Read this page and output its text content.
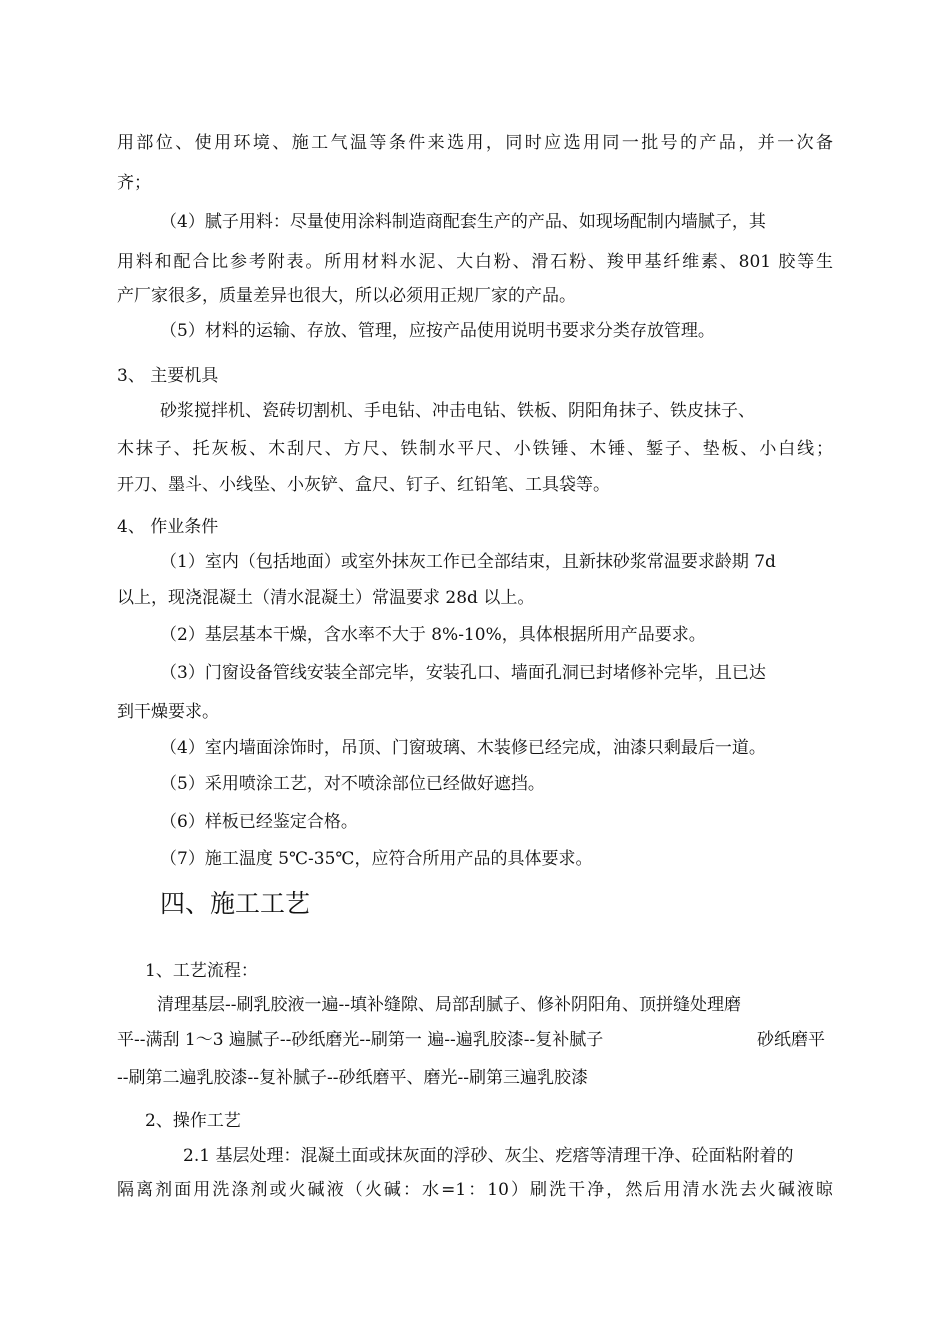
用部位、使用环境、施工气温等条件来选用，同时应选用同一批号的产品，并一次备
齐；
（4）腻子用料：尽量使用涂料制造商配套生产的产品、如现场配制内墙腻子，其
用料和配合比参考附表。所用材料水泥、大白粉、滑石粉、羧甲基纤维素、801 胶等生
产厂家很多，质量差异也很大，所以必须用正规厂家的产品。
（5）材料的运输、存放、管理，应按产品使用说明书要求分类存放管理。
3、 主要机具
砂浆搅拌机、瓷砖切割机、手电钻、冲击电钻、铁板、阴阳角抹子、铁皮抹子、
木抹子、托灰板、木刮尺、方尺、铁制水平尺、小铁锤、木锤、錾子、垫板、小白线；
开刀、墨斗、小线坠、小灰铲、盒尺、钉子、红铅笔、工具袋等。
4、 作业条件
（1）室内（包括地面）或室外抹灰工作已全部结束，且新抹砂浆常温要求龄期 7d
以上，现浇混凝土（清水混凝土）常温要求 28d 以上。
（2）基层基本干燥，含水率不大于 8%-10%，具体根据所用产品要求。
（3）门窗设备管线安装全部完毕，安装孔口、墙面孔洞已封堵修补完毕，且已达
到干燥要求。
（4）室内墙面涂饰时，吊顶、门窗玻璃、木装修已经完成，油漆只剩最后一道。
（5）采用喷涂工艺，对不喷涂部位已经做好遮挡。
（6）样板已经鉴定合格。
（7）施工温度 5℃-35℃，应符合所用产品的具体要求。
四、施工工艺
1、工艺流程：
清理基层--刷乳胶液一遍--填补缝隙、局部刮腻子、修补阴阳角、顶拼缝处理磨
平--满刮 1～3 遍腻子--砂纸磨光--刷第一 遍--遍乳胶漆--复补腻子	砂纸磨平
--刷第二遍乳胶漆--复补腻子--砂纸磨平、磨光--刷第三遍乳胶漆
2、操作工艺
2.1 基层处理：混凝土面或抹灰面的浮砂、灰尘、疙瘩等清理干净、砼面粘附着的
隔离剂面用洗涤剂或火碱液（火碱：水=1：10）刷洗干净，然后用清水洗去火碱液晾
